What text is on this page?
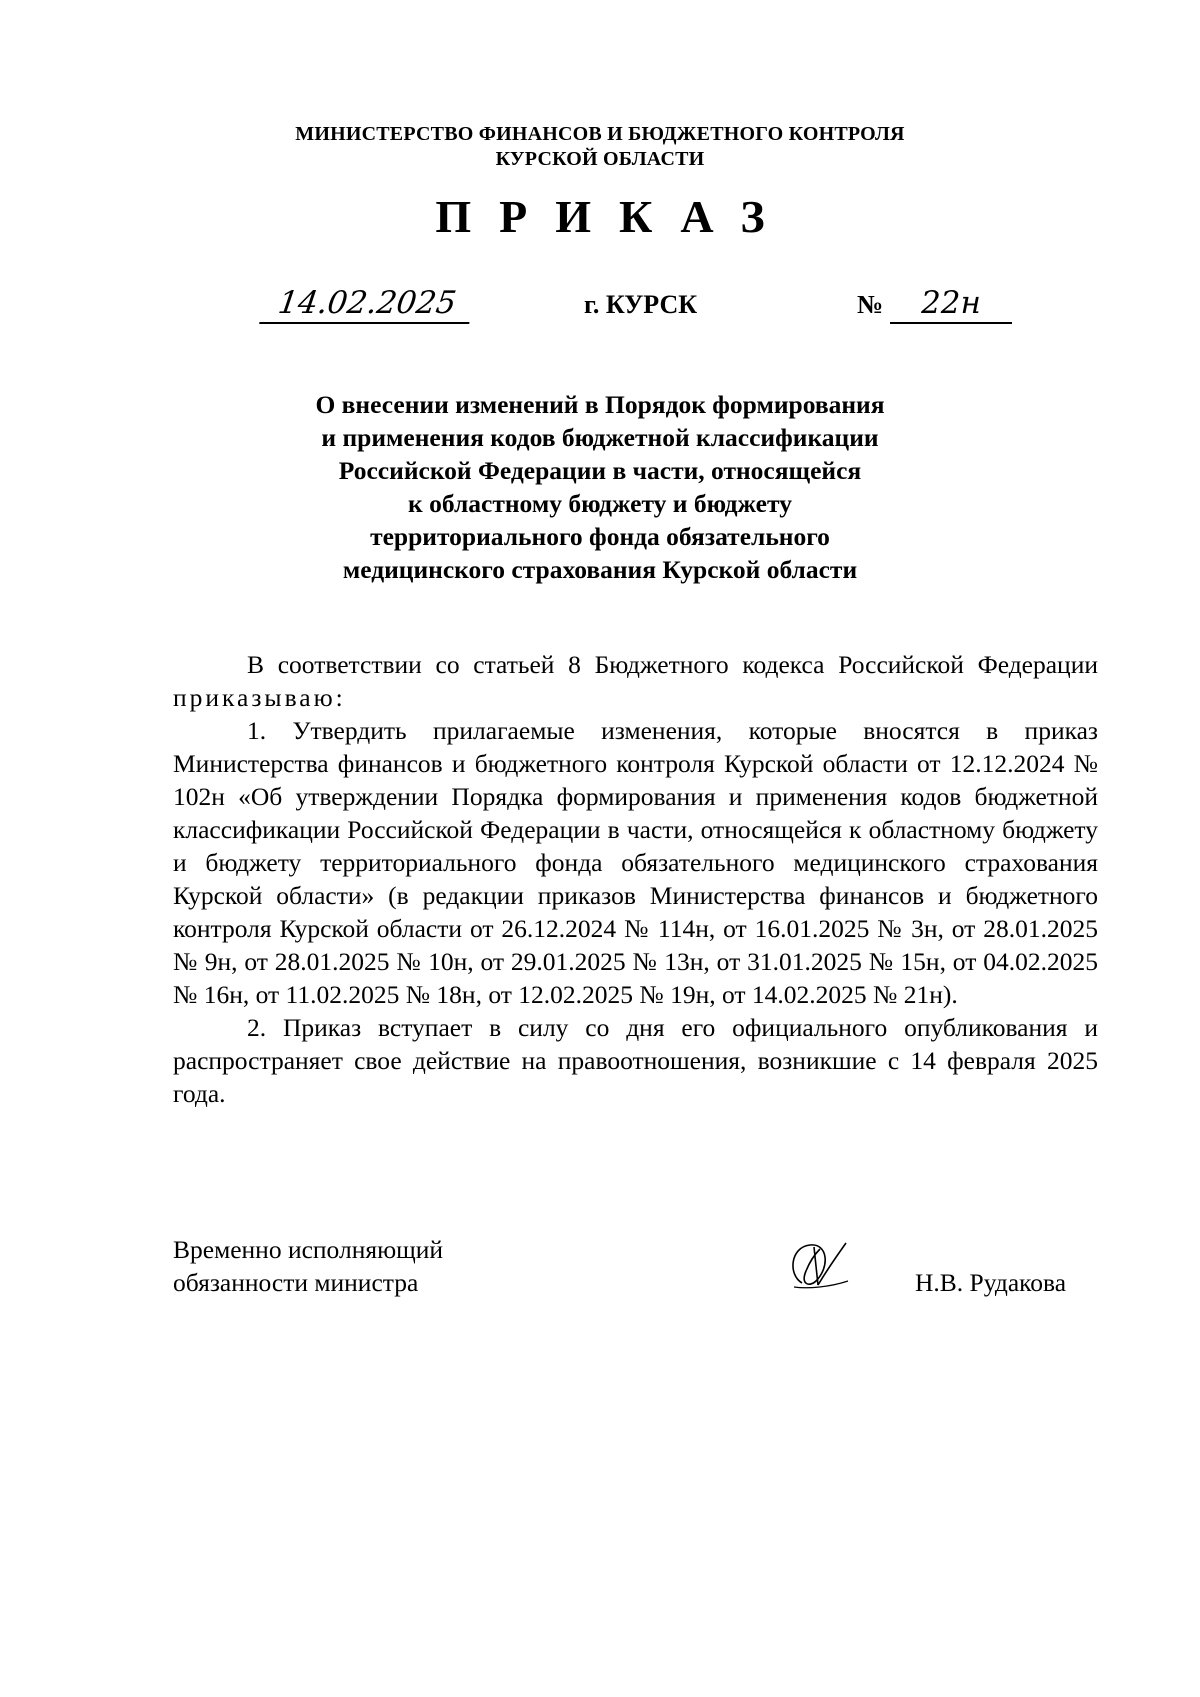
МИНИСТЕРСТВО ФИНАНСОВ И БЮДЖЕТНОГО КОНТРОЛЯ
КУРСКОЙ ОБЛАСТИ
ПРИКАЗ
14.02.2025	г. КУРСК	№	22н
О внесении изменений в Порядок формирования
и применения кодов бюджетной классификации
Российской Федерации в части, относящейся
к областному бюджету и бюджету
территориального фонда обязательного
медицинского страхования Курской области

В соответствии со статьей 8 Бюджетного кодекса Российской Федерации приказываю:

1. Утвердить прилагаемые изменения, которые вносятся в приказ Министерства финансов и бюджетного контроля Курской области от 12.12.2024 № 102н «Об утверждении Порядка формирования и применения кодов бюджетной классификации Российской Федерации в части, относящейся к областному бюджету и бюджету территориального фонда обязательного медицинского страхования Курской области» (в редакции приказов Министерства финансов и бюджетного контроля Курской области от 26.12.2024 № 114н, от 16.01.2025 № 3н, от 28.01.2025 № 9н, от 28.01.2025 № 10н, от 29.01.2025 № 13н, от 31.01.2025 № 15н, от 04.02.2025 № 16н, от 11.02.2025 № 18н, от 12.02.2025 № 19н, от 14.02.2025 № 21н).

2. Приказ вступает в силу со дня его официального опубликования и распространяет свое действие на правоотношения, возникшие с 14 февраля 2025 года.

Временно исполняющий
обязанности министра	Н.В. Рудакова
